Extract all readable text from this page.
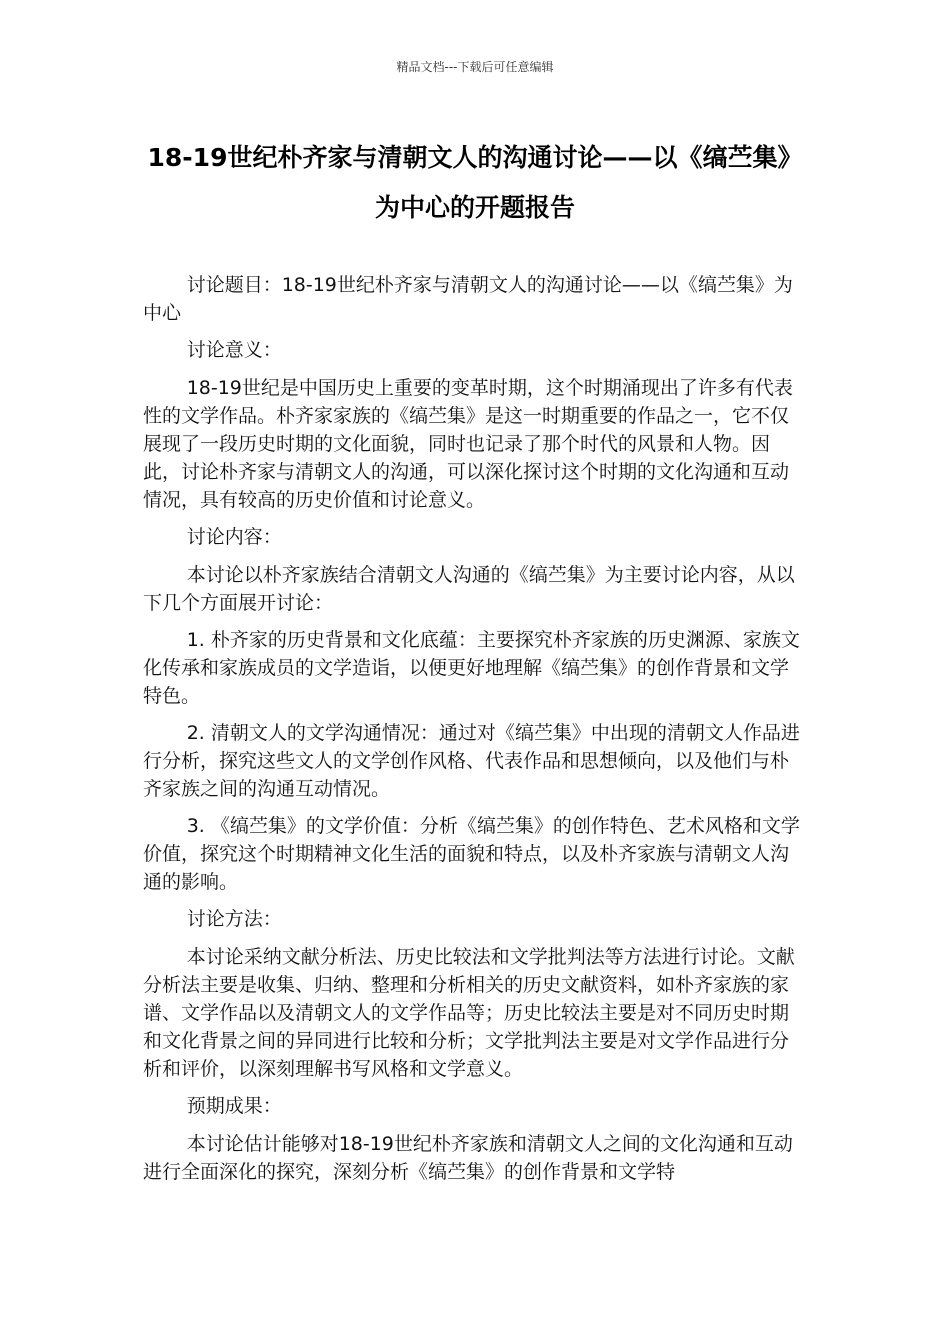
精品文档---下载后可任意编辑
18-19世纪朴齐家与清朝文人的沟通讨论——以《缟苎集》为中心的开题报告

讨论题目：18-19世纪朴齐家与清朝文人的沟通讨论——以《缟苎集》为中心

讨论意义：

18-19世纪是中国历史上重要的变革时期，这个时期涌现出了许多有代表性的文学作品。朴齐家家族的《缟苎集》是这一时期重要的作品之一，它不仅展现了一段历史时期的文化面貌，同时也记录了那个时代的风景和人物。因此，讨论朴齐家与清朝文人的沟通，可以深化探讨这个时期的文化沟通和互动情况，具有较高的历史价值和讨论意义。

讨论内容：

本讨论以朴齐家族结合清朝文人沟通的《缟苎集》为主要讨论内容，从以下几个方面展开讨论：

1. 朴齐家的历史背景和文化底蕴：主要探究朴齐家族的历史渊源、家族文化传承和家族成员的文学造诣，以便更好地理解《缟苎集》的创作背景和文学特色。

2. 清朝文人的文学沟通情况：通过对《缟苎集》中出现的清朝文人作品进行分析，探究这些文人的文学创作风格、代表作品和思想倾向，以及他们与朴齐家族之间的沟通互动情况。

3. 《缟苎集》的文学价值：分析《缟苎集》的创作特色、艺术风格和文学价值，探究这个时期精神文化生活的面貌和特点，以及朴齐家族与清朝文人沟通的影响。

讨论方法：

本讨论采纳文献分析法、历史比较法和文学批判法等方法进行讨论。文献分析法主要是收集、归纳、整理和分析相关的历史文献资料，如朴齐家族的家谱、文学作品以及清朝文人的文学作品等；历史比较法主要是对不同历史时期和文化背景之间的异同进行比较和分析；文学批判法主要是对文学作品进行分析和评价，以深刻理解书写风格和文学意义。

预期成果：

本讨论估计能够对18-19世纪朴齐家族和清朝文人之间的文化沟通和互动进行全面深化的探究，深刻分析《缟苎集》的创作背景和文学特
